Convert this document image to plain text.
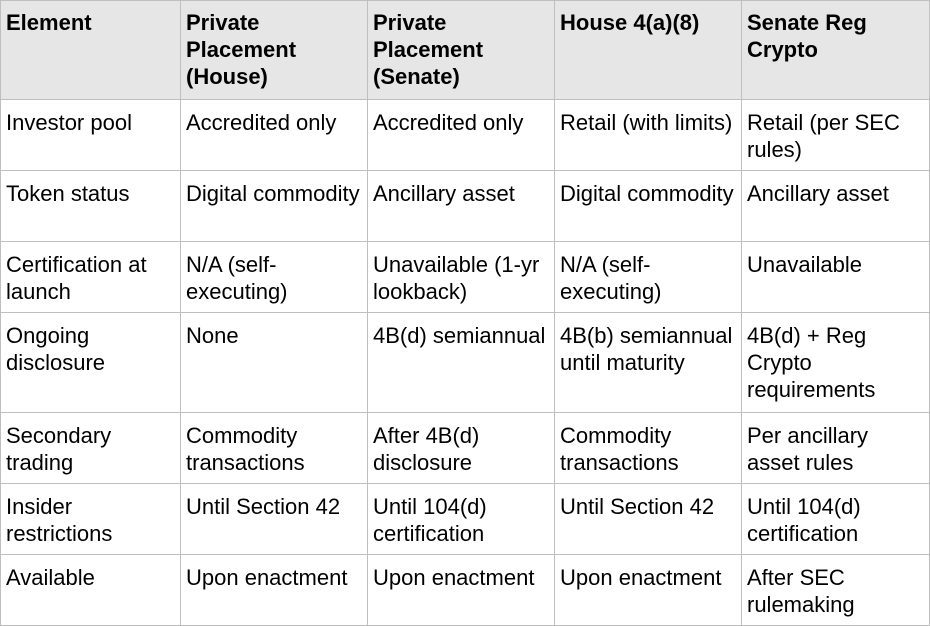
Element	Private Placement (House)	Private Placement (Senate)	House 4(a)(8)	Senate Reg Crypto
Investor pool	Accredited only	Accredited only	Retail (with limits)	Retail (per SEC rules)
Token status	Digital commodity	Ancillary asset	Digital commodity	Ancillary asset
Certification at launch	N/A (self-executing)	Unavailable (1-yr lookback)	N/A (self-executing)	Unavailable
Ongoing disclosure	None	4B(d) semiannual	4B(b) semiannual until maturity	4B(d) + Reg Crypto requirements
Secondary trading	Commodity transactions	After 4B(d) disclosure	Commodity transactions	Per ancillary asset rules
Insider restrictions	Until Section 42	Until 104(d) certification	Until Section 42	Until 104(d) certification
Available	Upon enactment	Upon enactment	Upon enactment	After SEC rulemaking
